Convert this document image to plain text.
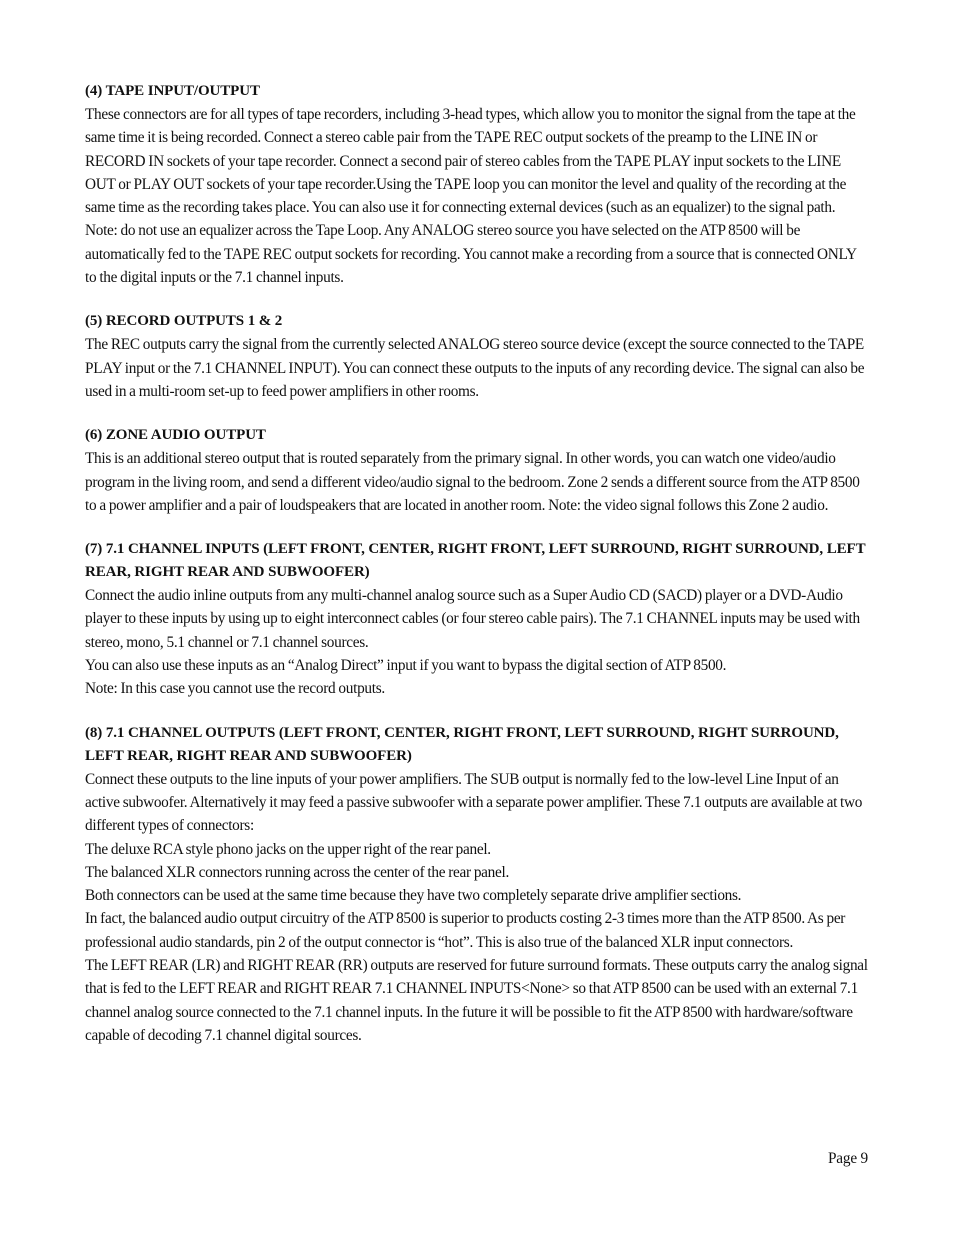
(4) TAPE INPUT/OUTPUT

These connectors are for all types of tape recorders, including 3-head types, which allow you to monitor the signal from the tape at the same time it is being recorded. Connect a stereo cable pair from the TAPE REC output sockets of the preamp to the LINE IN or RECORD IN sockets of your tape recorder. Connect a second pair of stereo cables from the TAPE PLAY input sockets to the LINE OUT or PLAY OUT sockets of your tape recorder.Using the TAPE loop you can monitor the level and quality of the recording at the same time as the recording takes place. You can also use it for connecting external devices (such as an equalizer) to the signal path. Note: do not use an equalizer across the Tape Loop. Any ANALOG stereo source you have selected on the ATP 8500 will be automatically fed to the TAPE REC output sockets for recording. You cannot make a recording from a source that is connected ONLY to the digital inputs or the 7.1 channel inputs.

(5) RECORD OUTPUTS 1 & 2

The REC outputs carry the signal from the currently selected ANALOG stereo source device (except the source connected to the TAPE PLAY input or the 7.1 CHANNEL INPUT). You can connect these outputs to the inputs of any recording device. The signal can also be used in a multi-room set-up to feed power amplifiers in other rooms.

(6) ZONE AUDIO OUTPUT

This is an additional stereo output that is routed separately from the primary signal. In other words, you can watch one video/audio program in the living room, and send a different video/audio signal to the bedroom. Zone 2 sends a different source from the ATP 8500 to a power amplifier and a pair of loudspeakers that are located in another room. Note: the video signal follows this Zone 2 audio.

(7) 7.1 CHANNEL INPUTS (LEFT FRONT, CENTER, RIGHT FRONT, LEFT SURROUND, RIGHT SURROUND, LEFT REAR, RIGHT REAR AND SUBWOOFER)

Connect the audio inline outputs from any multi-channel analog source such as a Super Audio CD (SACD) player or a DVD-Audio player to these inputs by using up to eight interconnect cables (or four stereo cable pairs). The 7.1 CHANNEL inputs may be used with stereo, mono, 5.1 channel or 7.1 channel sources.

You can also use these inputs as an “Analog Direct” input if you want to bypass the digital section of ATP 8500.

Note: In this case you cannot use the record outputs.

(8) 7.1 CHANNEL OUTPUTS (LEFT FRONT, CENTER, RIGHT FRONT, LEFT SURROUND, RIGHT SURROUND, LEFT REAR, RIGHT REAR AND SUBWOOFER)

Connect these outputs to the line inputs of your power amplifiers. The SUB output is normally fed to the low-level Line Input of an active subwoofer. Alternatively it may feed a passive subwoofer with a separate power amplifier. These 7.1 outputs are available at two different types of connectors:

The deluxe RCA style phono jacks on the upper right of the rear panel.

The balanced XLR connectors running across the center of the rear panel.

Both connectors can be used at the same time because they have two completely separate drive amplifier sections.

In fact, the balanced audio output circuitry of the ATP 8500 is superior to products costing 2-3 times more than the ATP 8500. As per professional audio standards, pin 2 of the output connector is “hot”. This is also true of the balanced XLR input connectors.

The LEFT REAR (LR) and RIGHT REAR (RR) outputs are reserved for future surround formats. These outputs carry the analog signal that is fed to the LEFT REAR and RIGHT REAR 7.1 CHANNEL INPUTS<None> so that ATP 8500 can be used with an external 7.1 channel analog source connected to the 7.1 channel inputs. In the future it will be possible to fit the ATP 8500 with hardware/software capable of decoding 7.1 channel digital sources.

Page 9
